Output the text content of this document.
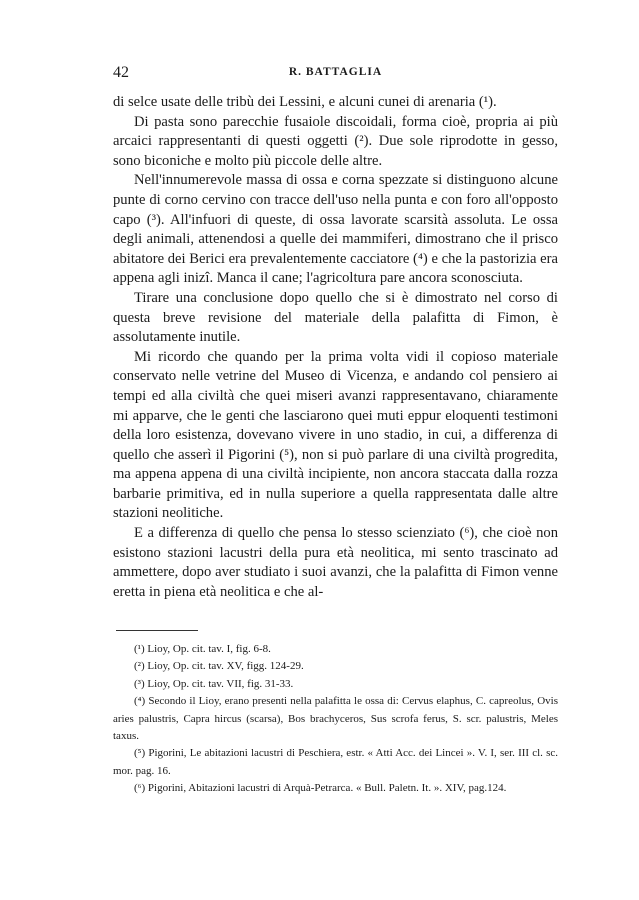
42	R. BATTAGLIA

di selce usate delle tribù dei Lessini, e alcuni cunei di arenaria (¹).

Di pasta sono parecchie fusaiole discoidali, forma cioè, propria ai più arcaici rappresentanti di questi oggetti (²). Due sole riprodotte in gesso, sono biconiche e molto più piccole delle altre.

Nell'innumerevole massa di ossa e corna spezzate si distinguono alcune punte di corno cervino con tracce dell'uso nella punta e con foro all'opposto capo (³). All'infuori di queste, di ossa lavorate scarsità assoluta. Le ossa degli animali, attenendosi a quelle dei mammiferi, dimostrano che il prisco abitatore dei Berici era prevalentemente cacciatore (⁴) e che la pastorizia era appena agli inizî. Manca il cane; l'agricoltura pare ancora sconosciuta.

Tirare una conclusione dopo quello che si è dimostrato nel corso di questa breve revisione del materiale della palafitta di Fimon, è assolutamente inutile.

Mi ricordo che quando per la prima volta vidi il copioso materiale conservato nelle vetrine del Museo di Vicenza, e andando col pensiero ai tempi ed alla civiltà che quei miseri avanzi rappresentavano, chiaramente mi apparve, che le genti che lasciarono quei muti eppur eloquenti testimoni della loro esistenza, dovevano vivere in uno stadio, in cui, a differenza di quello che asserì il Pigorini (⁵), non si può parlare di una civiltà progredita, ma appena appena di una civiltà incipiente, non ancora staccata dalla rozza barbarie primitiva, ed in nulla superiore a quella rappresentata dalle altre stazioni neolitiche.

E a differenza di quello che pensa lo stesso scienziato (⁶), che cioè non esistono stazioni lacustri della pura età neolitica, mi sento trascinato ad ammettere, dopo aver studiato i suoi avanzi, che la palafitta di Fimon venne eretta in piena età neolitica e che al-

(¹) Lioy, Op. cit. tav. I, fig. 6-8.

(²) Lioy, Op. cit. tav. XV, figg. 124-29.

(³) Lioy, Op. cit. tav. VII, fig. 31-33.

(⁴) Secondo il Lioy, erano presenti nella palafitta le ossa di: Cervus elaphus, C. capreolus, Ovis aries palustris, Capra hircus (scarsa), Bos brachyceros, Sus scrofa ferus, S. scr. palustris, Meles taxus.

(⁵) Pigorini, Le abitazioni lacustri di Peschiera, estr. « Atti Acc. dei Lincei ». V. I, ser. III cl. sc. mor. pag. 16.

(⁶) Pigorini, Abitazioni lacustri di Arquà-Petrarca. « Bull. Paletn. It. ». XIV, pag.124.
